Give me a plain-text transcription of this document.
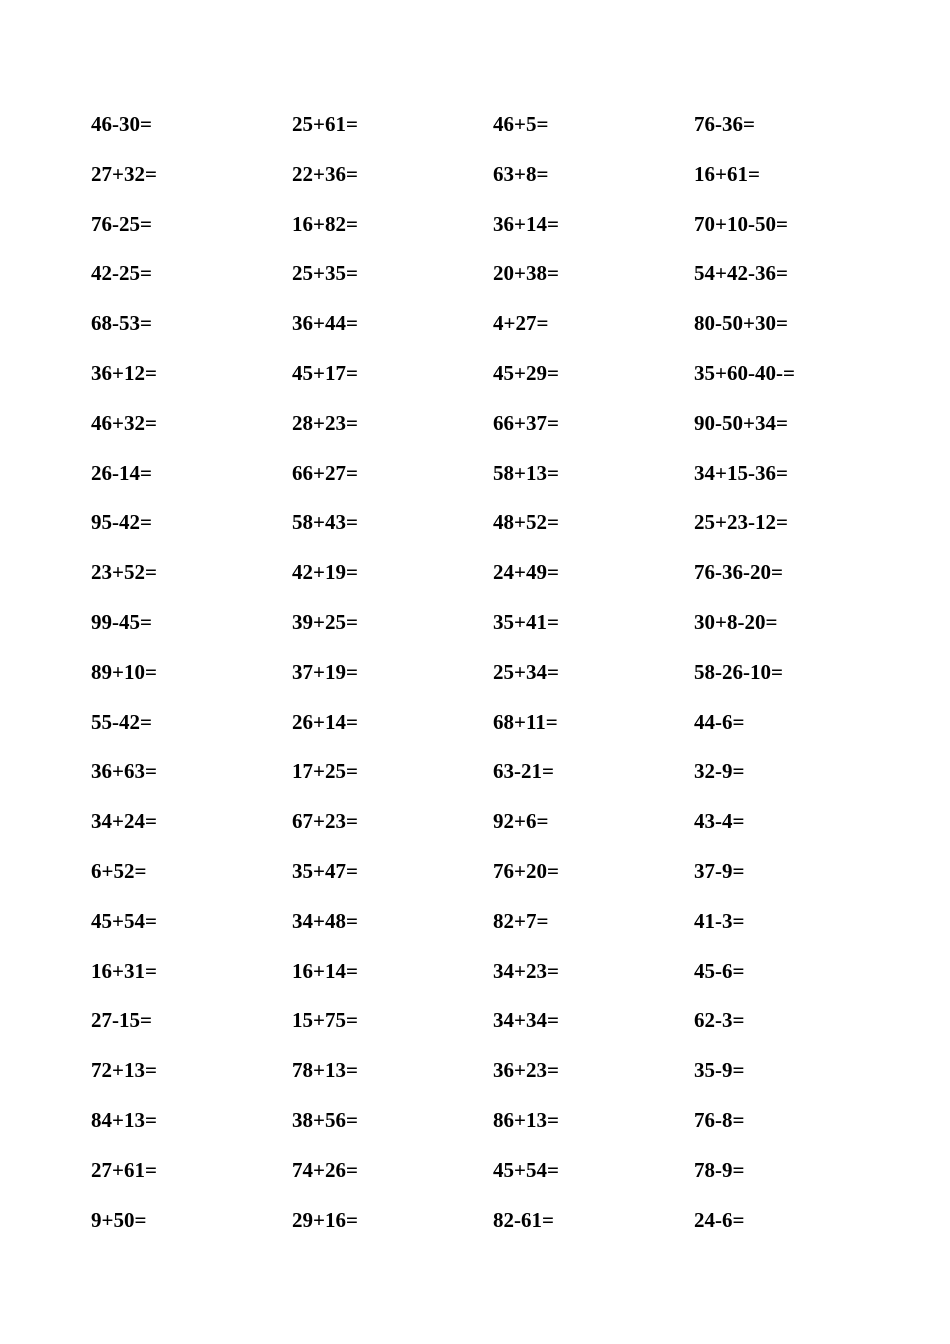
46-30=	25+61=	46+5=	76-36=
27+32=	22+36=	63+8=	16+61=
76-25=	16+82=	36+14=	70+10-50=
42-25=	25+35=	20+38=	54+42-36=
68-53=	36+44=	4+27=	80-50+30=
36+12=	45+17=	45+29=	35+60-40-=
46+32=	28+23=	66+37=	90-50+34=
26-14=	66+27=	58+13=	34+15-36=
95-42=	58+43=	48+52=	25+23-12=
23+52=	42+19=	24+49=	76-36-20=
99-45=	39+25=	35+41=	30+8-20=
89+10=	37+19=	25+34=	58-26-10=
55-42=	26+14=	68+11=	44-6=
36+63=	17+25=	63-21=	32-9=
34+24=	67+23=	92+6=	43-4=
6+52=	35+47=	76+20=	37-9=
45+54=	34+48=	82+7=	41-3=
16+31=	16+14=	34+23=	45-6=
27-15=	15+75=	34+34=	62-3=
72+13=	78+13=	36+23=	35-9=
84+13=	38+56=	86+13=	76-8=
27+61=	74+26=	45+54=	78-9=
9+50=	29+16=	82-61=	24-6=
